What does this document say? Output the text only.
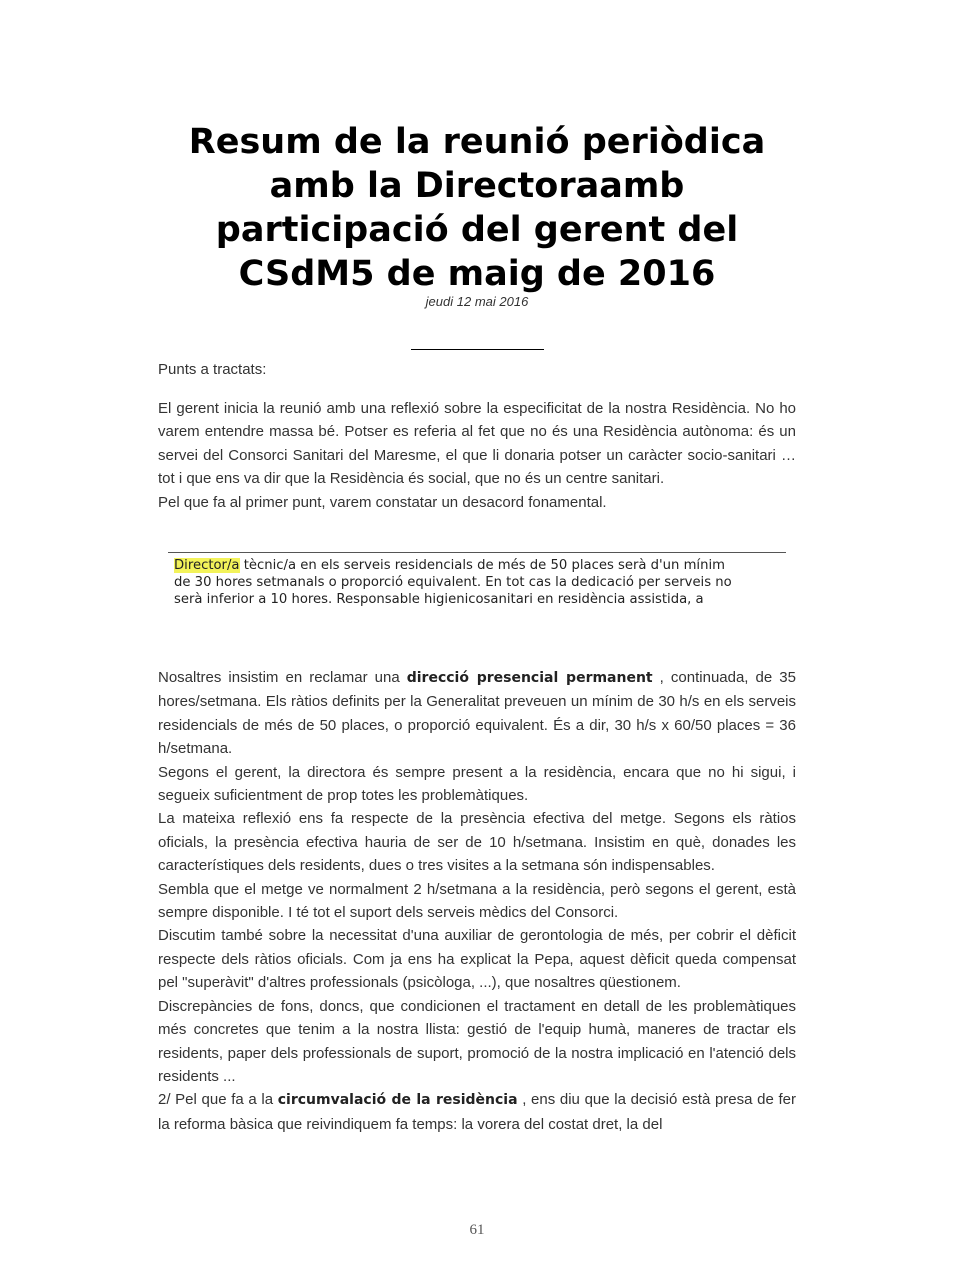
Resum de la reunió periòdica
amb la Directoraamb
participació del gerent del
CSdM5 de maig de 2016
jeudi 12 mai 2016
Punts a tractats:

El gerent inicia la reunió amb una reflexió sobre la especificitat de la nostra Residència. No ho varem entendre massa bé. Potser es referia al fet que no és una Residència autònoma: és un servei del Consorci Sanitari del Maresme, el que li donaria potser un caràcter socio-sanitari … tot i que ens va dir que la Residència és social, que no és un centre sanitari.

Pel que fa al primer punt, varem constatar un desacord fonamental.

Director/a tècnic/a en els serveis residencials de més de 50 places serà d'un mínim
de 30 hores setmanals o proporció equivalent. En tot cas la dedicació per serveis no
serà inferior a 10 hores. Responsable higienicosanitari en residència assistida, a

Nosaltres insistim en reclamar una direcció presencial permanent , continuada, de 35 hores/setmana. Els ràtios definits per la Generalitat preveuen un mínim de 30 h/s en els serveis residencials de més de 50 places, o proporció equivalent. És a dir, 30 h/s x 60/50 places = 36 h/setmana.

Segons el gerent, la directora és sempre present a la residència, encara que no hi sigui, i segueix suficientment de prop totes les problemàtiques.

La mateixa reflexió ens fa respecte de la presència efectiva del metge. Segons els ràtios oficials, la presència efectiva hauria de ser de 10 h/setmana. Insistim en què, donades les característiques dels residents, dues o tres visites a la setmana són indispensables.

Sembla que el metge ve normalment 2 h/setmana a la residència, però segons el gerent, està sempre disponible. I té tot el suport dels serveis mèdics del Consorci.

Discutim també sobre la necessitat d'una auxiliar de gerontologia de més, per cobrir el dèficit respecte dels ràtios oficials. Com ja ens ha explicat la Pepa, aquest dèficit queda compensat pel "superàvit" d'altres professionals (psicòloga, ...), que nosaltres qüestionem.

Discrepàncies de fons, doncs, que condicionen el tractament en detall de les problemàtiques més concretes que tenim a la nostra llista: gestió de l'equip humà, maneres de tractar els residents, paper dels professionals de suport, promoció de la nostra implicació en l'atenció dels residents ...

2/ Pel que fa a la circumvalació de la residència , ens diu que la decisió està presa de fer la reforma bàsica que reivindiquem fa temps: la vorera del costat dret, la del

61
